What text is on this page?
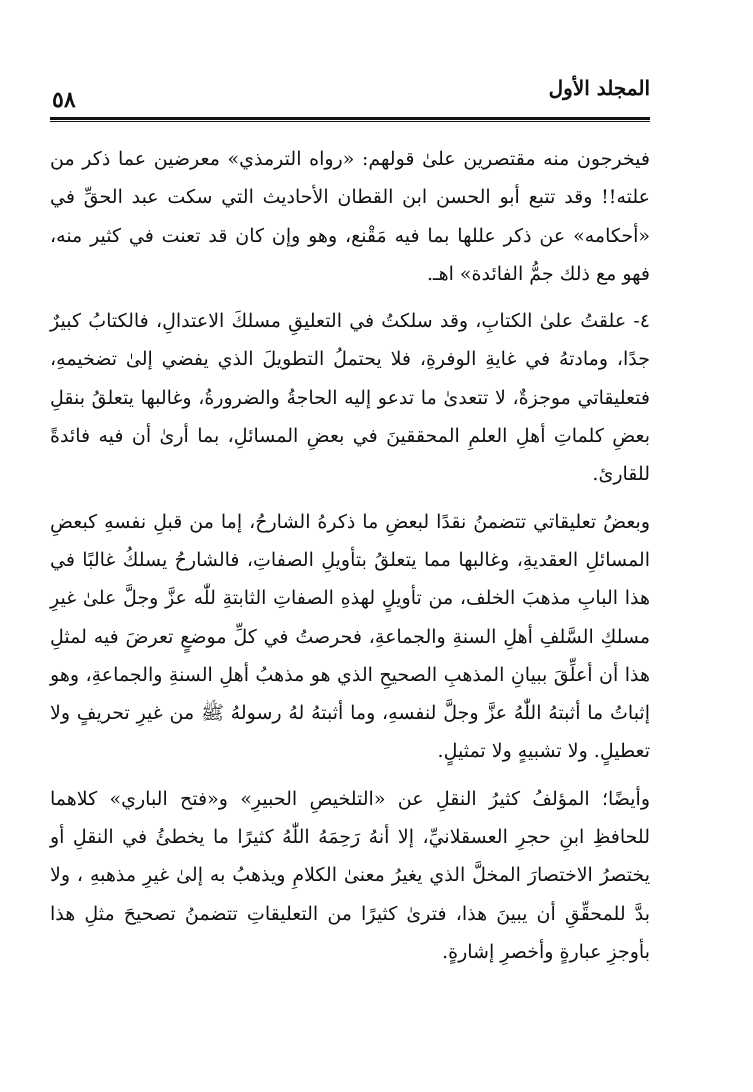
المجلد الأول
٥٨

فيخرجون منه مقتصرين علىٰ قولهم: «رواه الترمذي» معرضين عما ذكر من علته!! وقد تتبع أبو الحسن ابن القطان الأحاديث التي سكت عبد الحقِّ في «أحكامه» عن ذكر عللها بما فيه مَقْنع، وهو وإن كان قد تعنت في كثير منه، فهو مع ذلك جمُّ الفائدة» اهـ.

٤- علقتُ علىٰ الكتابِ، وقد سلكتُ في التعليقِ مسلكَ الاعتدالِ، فالكتابُ كبيرٌ جدًا، ومادتهُ في غايةِ الوفرةِ، فلا يحتملُ التطويلَ الذي يفضي إلىٰ تضخيمهِ، فتعليقاتي موجزةٌ، لا تتعدىٰ ما تدعو إليه الحاجةُ والضرورةُ، وغالبها يتعلقُ بنقلِ بعضِ كلماتِ أهلِ العلمِ المحققينَ في بعضِ المسائلِ، بما أرىٰ أن فيه فائدةً للقارئ.

وبعضُ تعليقاتي تتضمنُ نقدًا لبعضِ ما ذكرهُ الشارحُ، إما من قبلِ نفسهِ كبعضِ المسائلِ العقديةِ، وغالبها مما يتعلقُ بتأويلِ الصفاتِ، فالشارحُ يسلكُ غالبًا في هذا البابِ مذهبَ الخلف، من تأويلٍ لهذهِ الصفاتِ الثابتةِ للّٰه عزَّ وجلَّ علىٰ غيرِ مسلكِ السَّلفِ أهلِ السنةِ والجماعةِ، فحرصتُ في كلِّ موضعٍ تعرضَ فيه لمثلِ هذا أن أعلِّقَ ببيانِ المذهبِ الصحيحِ الذي هو مذهبُ أهلِ السنةِ والجماعةِ، وهو إثباتُ ما أثبتهُ اللّٰهُ عزَّ وجلَّ لنفسهِ، وما أثبتهُ لهُ رسولهُ ﷺ من غيرِ تحريفٍ ولا تعطيلٍ. ولا تشبيهٍ ولا تمثيلٍ.

وأيضًا؛ المؤلفُ كثيرُ النقلِ عن «التلخيصِ الحبيرِ» و«فتح الباري» كلاهما للحافظِ ابنِ حجرِ العسقلانيِّ، إلا أنهُ رَحِمَهُ اللّٰهُ كثيرًا ما يخطئُ في النقلِ أو يختصرُ الاختصارَ المخلَّ الذي يغيرُ معنىٰ الكلامِ ويذهبُ به إلىٰ غيرِ مذهبهِ ، ولا بدَّ للمحقِّقِ أن يبينَ هذا، فترىٰ كثيرًا من التعليقاتِ تتضمنُ تصحيحَ مثلِ هذا بأوجزِ عبارةٍ وأخصرِ إشارةٍ.
